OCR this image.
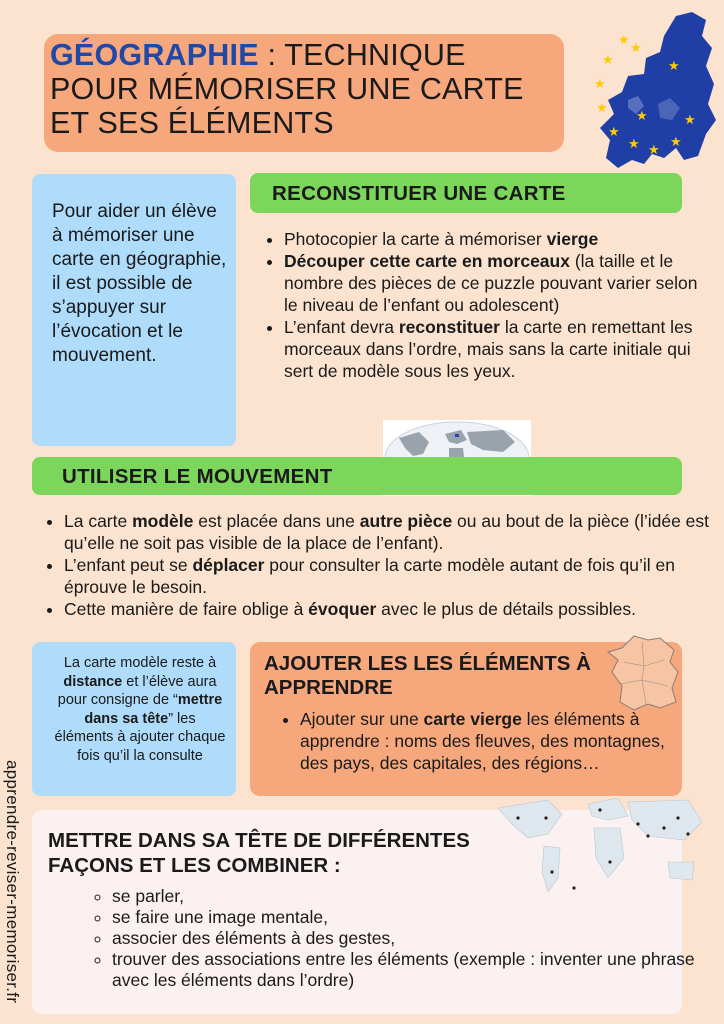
GÉOGRAPHIE : TECHNIQUE
POUR MÉMORISER UNE CARTE
ET SES ÉLÉMENTS
★
★
★
★
★
★ ★
★
★
★
★
★
Pour aider un élève à mémoriser une carte en géographie, il est possible de s’appuyer sur l’évocation et le mouvement.
RECONSTITUER UNE CARTE
• Photocopier la carte à mémoriser vierge
• Découper cette carte en morceaux (la taille et le nombre des pièces de ce puzzle pouvant varier selon le niveau de l’enfant ou adolescent)
• L’enfant devra reconstituer la carte en remettant les morceaux dans l’ordre, mais sans la carte initiale qui sert de modèle sous les yeux.
UTILISER LE MOUVEMENT
• La carte modèle est placée dans une autre pièce ou au bout de la pièce (l’idée est qu’elle ne soit pas visible de la place de l’enfant).
• L’enfant peut se déplacer pour consulter la carte modèle autant de fois qu’il en éprouve le besoin.
• Cette manière de faire oblige à évoquer avec le plus de détails possibles.
La carte modèle reste à distance et l’élève aura pour consigne de “mettre dans sa tête” les éléments à ajouter chaque fois qu’il la consulte
AJOUTER LES LES ÉLÉMENTS À APPRENDRE
• Ajouter sur une carte vierge les éléments à apprendre : noms des fleuves, des montagnes, des pays, des capitales, des régions…
METTRE DANS SA TÊTE DE DIFFÉRENTES FAÇONS ET LES COMBINER :
◦ se parler,
◦ se faire une image mentale,
◦ associer des éléments à des gestes,
◦ trouver des associations entre les éléments (exemple : inventer une phrase avec les éléments dans l’ordre)
apprendre-reviser-memoriser.fr
